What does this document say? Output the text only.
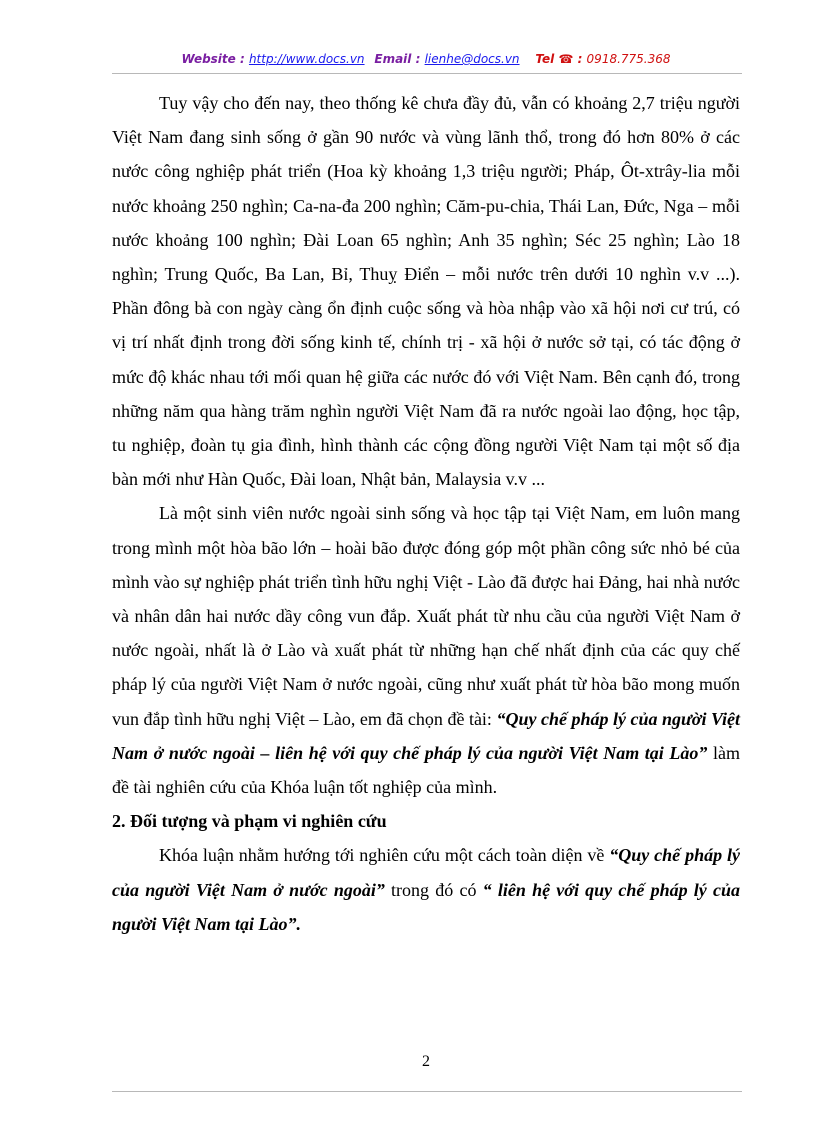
Website : http://www.docs.vn Email : lienhe@docs.vn Tel ☎ : 0918.775.368

Tuy vậy cho đến nay, theo thống kê chưa đầy đủ, vẫn có khoảng 2,7 triệu người Việt Nam đang sinh sống ở gần 90 nước và vùng lãnh thổ, trong đó hơn 80% ở các nước công nghiệp phát triển (Hoa kỳ khoảng 1,3 triệu người; Pháp, Ôt-xtrây-lia mỗi nước khoảng 250 nghìn; Ca-na-đa 200 nghìn; Căm-pu-chia, Thái Lan, Đức, Nga – mỗi nước khoảng 100 nghìn; Đài Loan 65 nghìn; Anh 35 nghìn; Séc 25 nghìn; Lào 18 nghìn; Trung Quốc, Ba Lan, Bỉ, Thuỵ Điển – mỗi nước trên dưới 10 nghìn v.v ...). Phần đông bà con ngày càng ổn định cuộc sống và hòa nhập vào xã hội nơi cư trú, có vị trí nhất định trong đời sống kinh tế, chính trị - xã hội ở nước sở tại, có tác động ở mức độ khác nhau tới mối quan hệ giữa các nước đó với Việt Nam. Bên cạnh đó, trong những năm qua hàng trăm nghìn người Việt Nam đã ra nước ngoài lao động, học tập, tu nghiệp, đoàn tụ gia đình, hình thành các cộng đồng người Việt Nam tại một số địa bàn mới như Hàn Quốc, Đài loan, Nhật bản, Malaysia v.v ...

Là một sinh viên nước ngoài sinh sống và học tập tại Việt Nam, em luôn mang trong mình một hòa bão lớn – hoài bão được đóng góp một phần công sức nhỏ bé của mình vào sự nghiệp phát triển tình hữu nghị Việt - Lào đã được hai Đảng, hai nhà nước và nhân dân hai nước dầy công vun đắp. Xuất phát từ nhu cầu của người Việt Nam ở nước ngoài, nhất là ở Lào và xuất phát từ những hạn chế nhất định của các quy chế pháp lý của người Việt Nam ở nước ngoài, cũng như xuất phát từ hòa bão mong muốn vun đắp tình hữu nghị Việt – Lào, em đã chọn đề tài: “Quy chế pháp lý của người Việt Nam ở nước ngoài – liên hệ với quy chế pháp lý của người Việt Nam tại Lào” làm đề tài nghiên cứu của Khóa luận tốt nghiệp của mình.

2. Đối tượng và phạm vi nghiên cứu

Khóa luận nhằm hướng tới nghiên cứu một cách toàn diện về “Quy chế pháp lý của người Việt Nam ở nước ngoài” trong đó có “ liên hệ với quy chế pháp lý của người Việt Nam tại Lào”.

2
